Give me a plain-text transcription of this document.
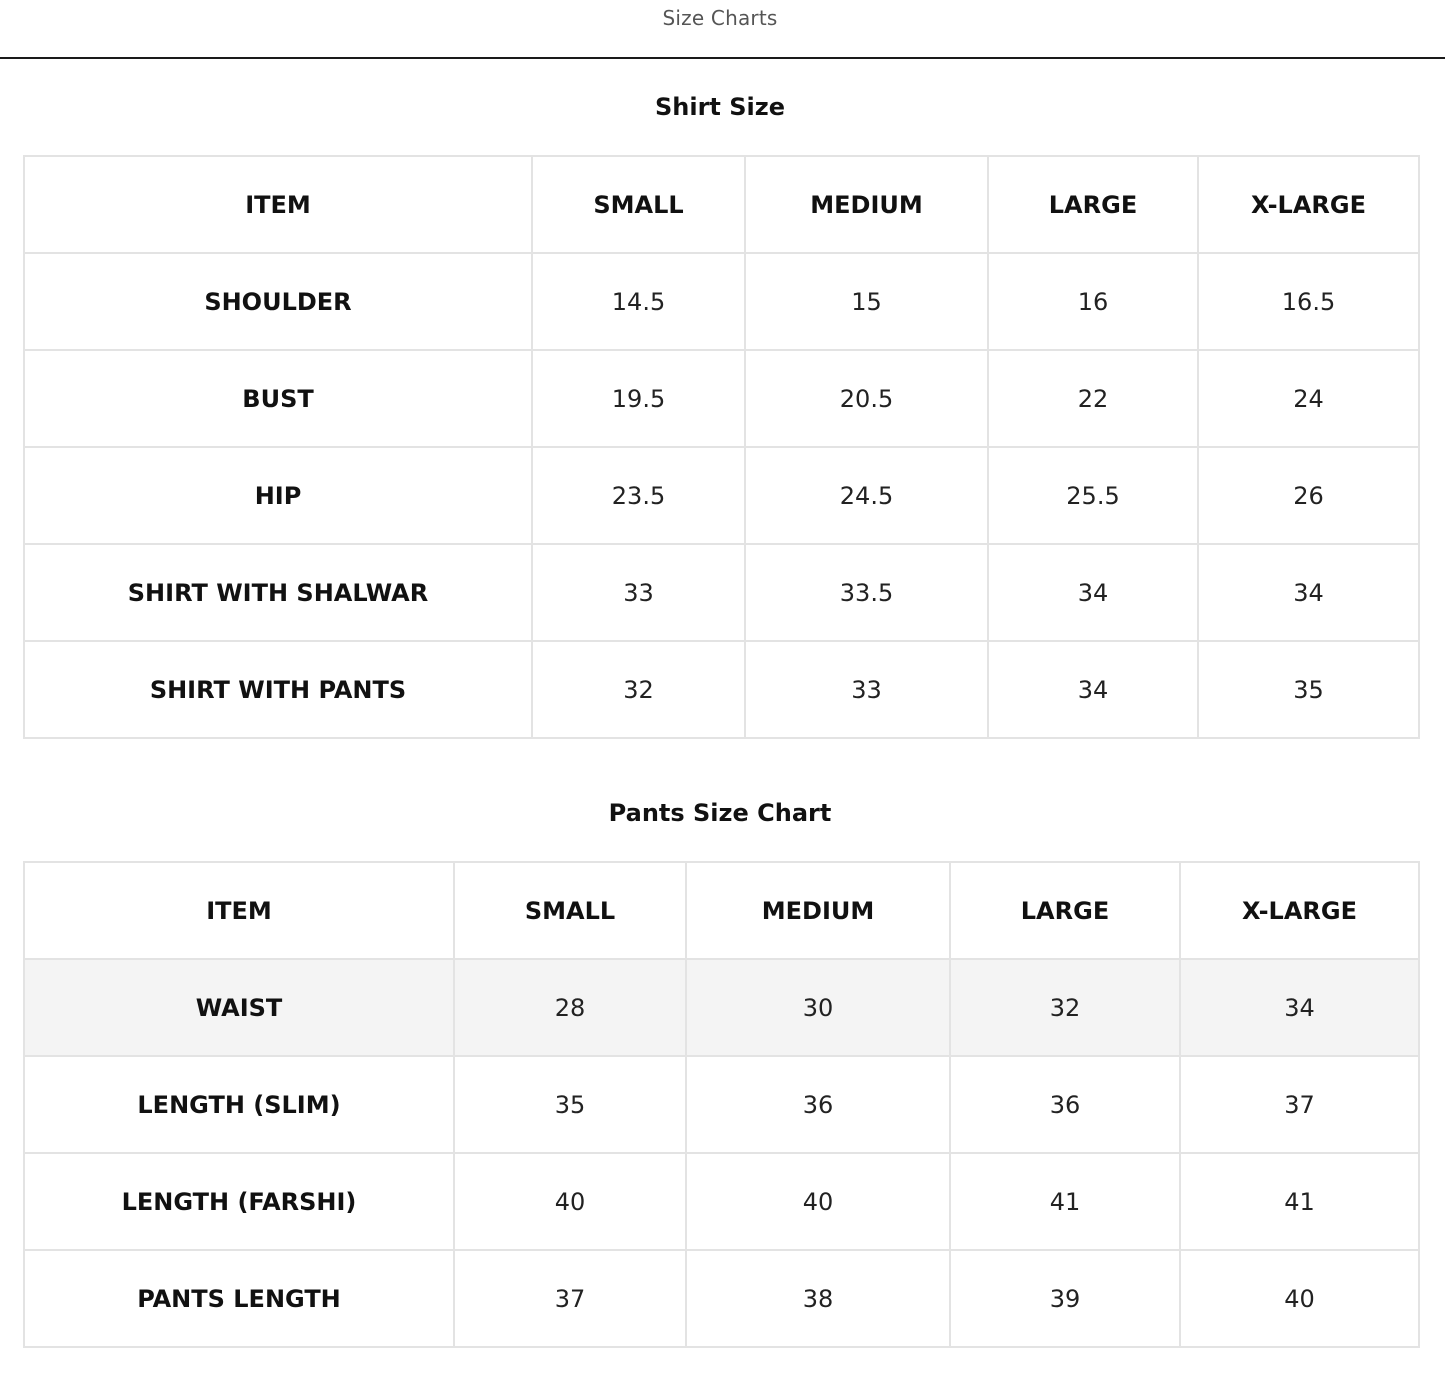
Size Charts
Shirt Size
ITEM	SMALL	MEDIUM	LARGE	X-LARGE
SHOULDER	14.5	15	16	16.5
BUST	19.5	20.5	22	24
HIP	23.5	24.5	25.5	26
SHIRT WITH SHALWAR	33	33.5	34	34
SHIRT WITH PANTS	32	33	34	35
Pants Size Chart
ITEM	SMALL	MEDIUM	LARGE	X-LARGE
WAIST	28	30	32	34
LENGTH (SLIM)	35	36	36	37
LENGTH (FARSHI)	40	40	41	41
PANTS LENGTH	37	38	39	40
